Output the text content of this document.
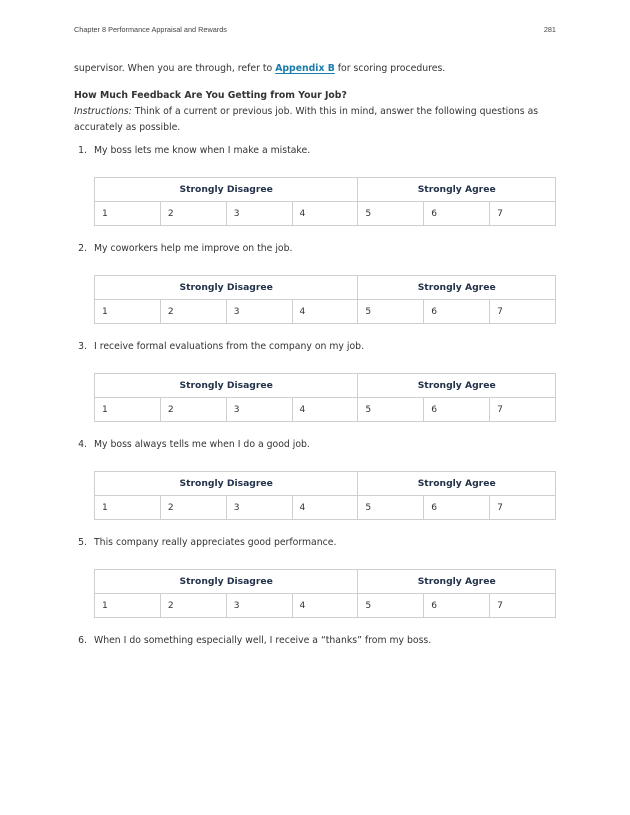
Chapter 8 Performance Appraisal and Rewards	281

supervisor. When you are through, refer to Appendix B for scoring procedures.

How Much Feedback Are You Getting from Your Job?

Instructions: Think of a current or previous job. With this in mind, answer the following questions as accurately as possible.

1. My boss lets me know when I make a mistake.
Strongly Disagree				Strongly Agree		
1	2	3	4	5	6	7
2. My coworkers help me improve on the job.
Strongly Disagree				Strongly Agree		
1	2	3	4	5	6	7
3. I receive formal evaluations from the company on my job.
Strongly Disagree				Strongly Agree		
1	2	3	4	5	6	7
4. My boss always tells me when I do a good job.
Strongly Disagree				Strongly Agree		
1	2	3	4	5	6	7
5. This company really appreciates good performance.
Strongly Disagree				Strongly Agree		
1	2	3	4	5	6	7
6. When I do something especially well, I receive a “thanks” from my boss.
